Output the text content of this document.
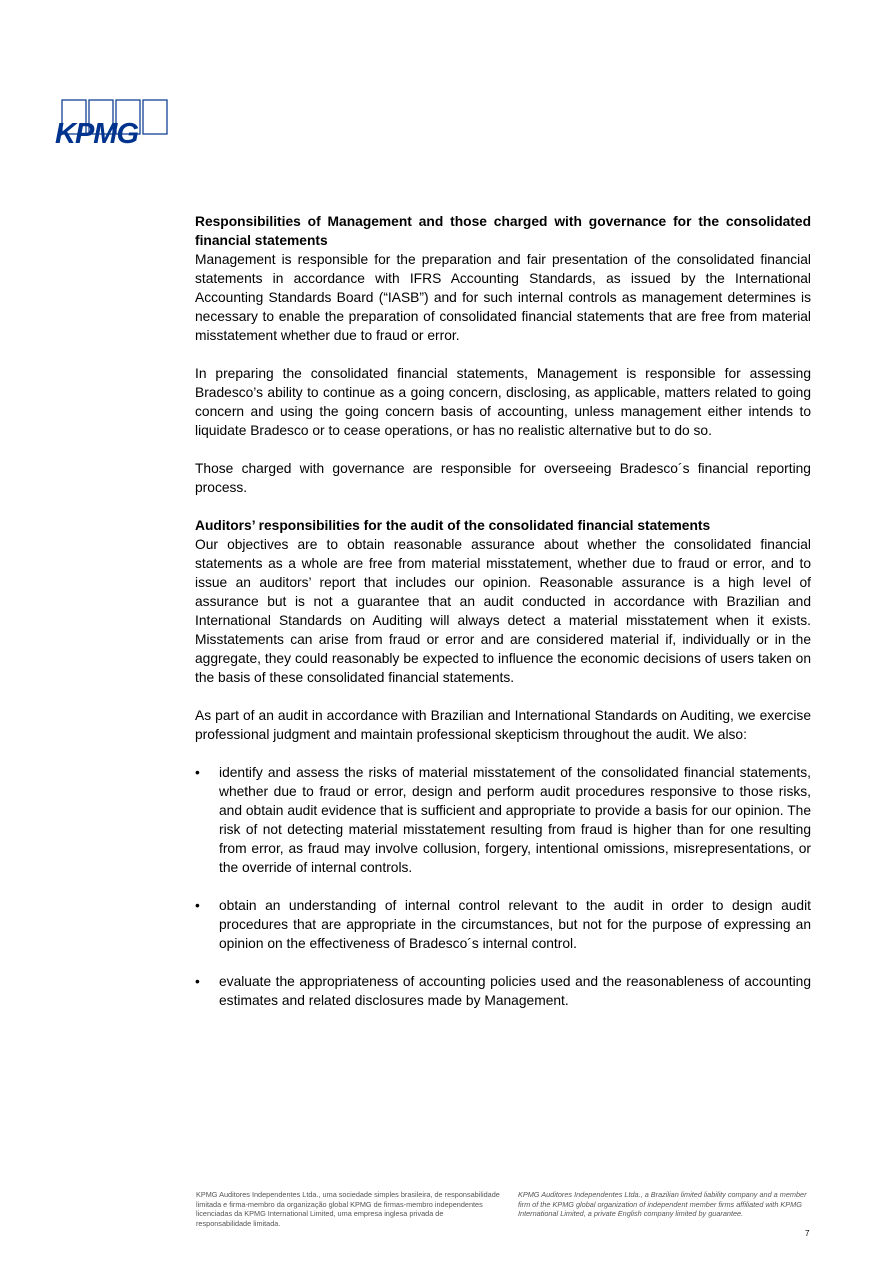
KPMG
Responsibilities of Management and those charged with governance for the consolidated financial statements

Management is responsible for the preparation and fair presentation of the consolidated financial statements in accordance with IFRS Accounting Standards, as issued by the International Accounting Standards Board (“IASB”) and for such internal controls as management determines is necessary to enable the preparation of consolidated financial statements that are free from material misstatement whether due to fraud or error.

In preparing the consolidated financial statements, Management is responsible for assessing Bradesco’s ability to continue as a going concern, disclosing, as applicable, matters related to going concern and using the going concern basis of accounting, unless management either intends to liquidate Bradesco or to cease operations, or has no realistic alternative but to do so.

Those charged with governance are responsible for overseeing Bradesco´s financial reporting process.

Auditors’ responsibilities for the audit of the consolidated financial statements

Our objectives are to obtain reasonable assurance about whether the consolidated financial statements as a whole are free from material misstatement, whether due to fraud or error, and to issue an auditors’ report that includes our opinion. Reasonable assurance is a high level of assurance but is not a guarantee that an audit conducted in accordance with Brazilian and International Standards on Auditing will always detect a material misstatement when it exists. Misstatements can arise from fraud or error and are considered material if, individually or in the aggregate, they could reasonably be expected to influence the economic decisions of users taken on the basis of these consolidated financial statements.

As part of an audit in accordance with Brazilian and International Standards on Auditing, we exercise professional judgment and maintain professional skepticism throughout the audit. We also:

• identify and assess the risks of material misstatement of the consolidated financial statements, whether due to fraud or error, design and perform audit procedures responsive to those risks, and obtain audit evidence that is sufficient and appropriate to provide a basis for our opinion. The risk of not detecting material misstatement resulting from fraud is higher than for one resulting from error, as fraud may involve collusion, forgery, intentional omissions, misrepresentations, or the override of internal controls.
• obtain an understanding of internal control relevant to the audit in order to design audit procedures that are appropriate in the circumstances, but not for the purpose of expressing an opinion on the effectiveness of Bradesco´s internal control.
• evaluate the appropriateness of accounting policies used and the reasonableness of accounting estimates and related disclosures made by Management.
KPMG Auditores Independentes Ltda., uma sociedade simples brasileira, de responsabilidade limitada e firma-membro da organização global KPMG de firmas-membro independentes licenciadas da KPMG International Limited, uma empresa inglesa privada de responsabilidade limitada.
KPMG Auditores Independentes Ltda., a Brazilian limited liability company and a member firm of the KPMG global organization of independent member firms affiliated with KPMG International Limited, a private English company limited by guarantee.
7
